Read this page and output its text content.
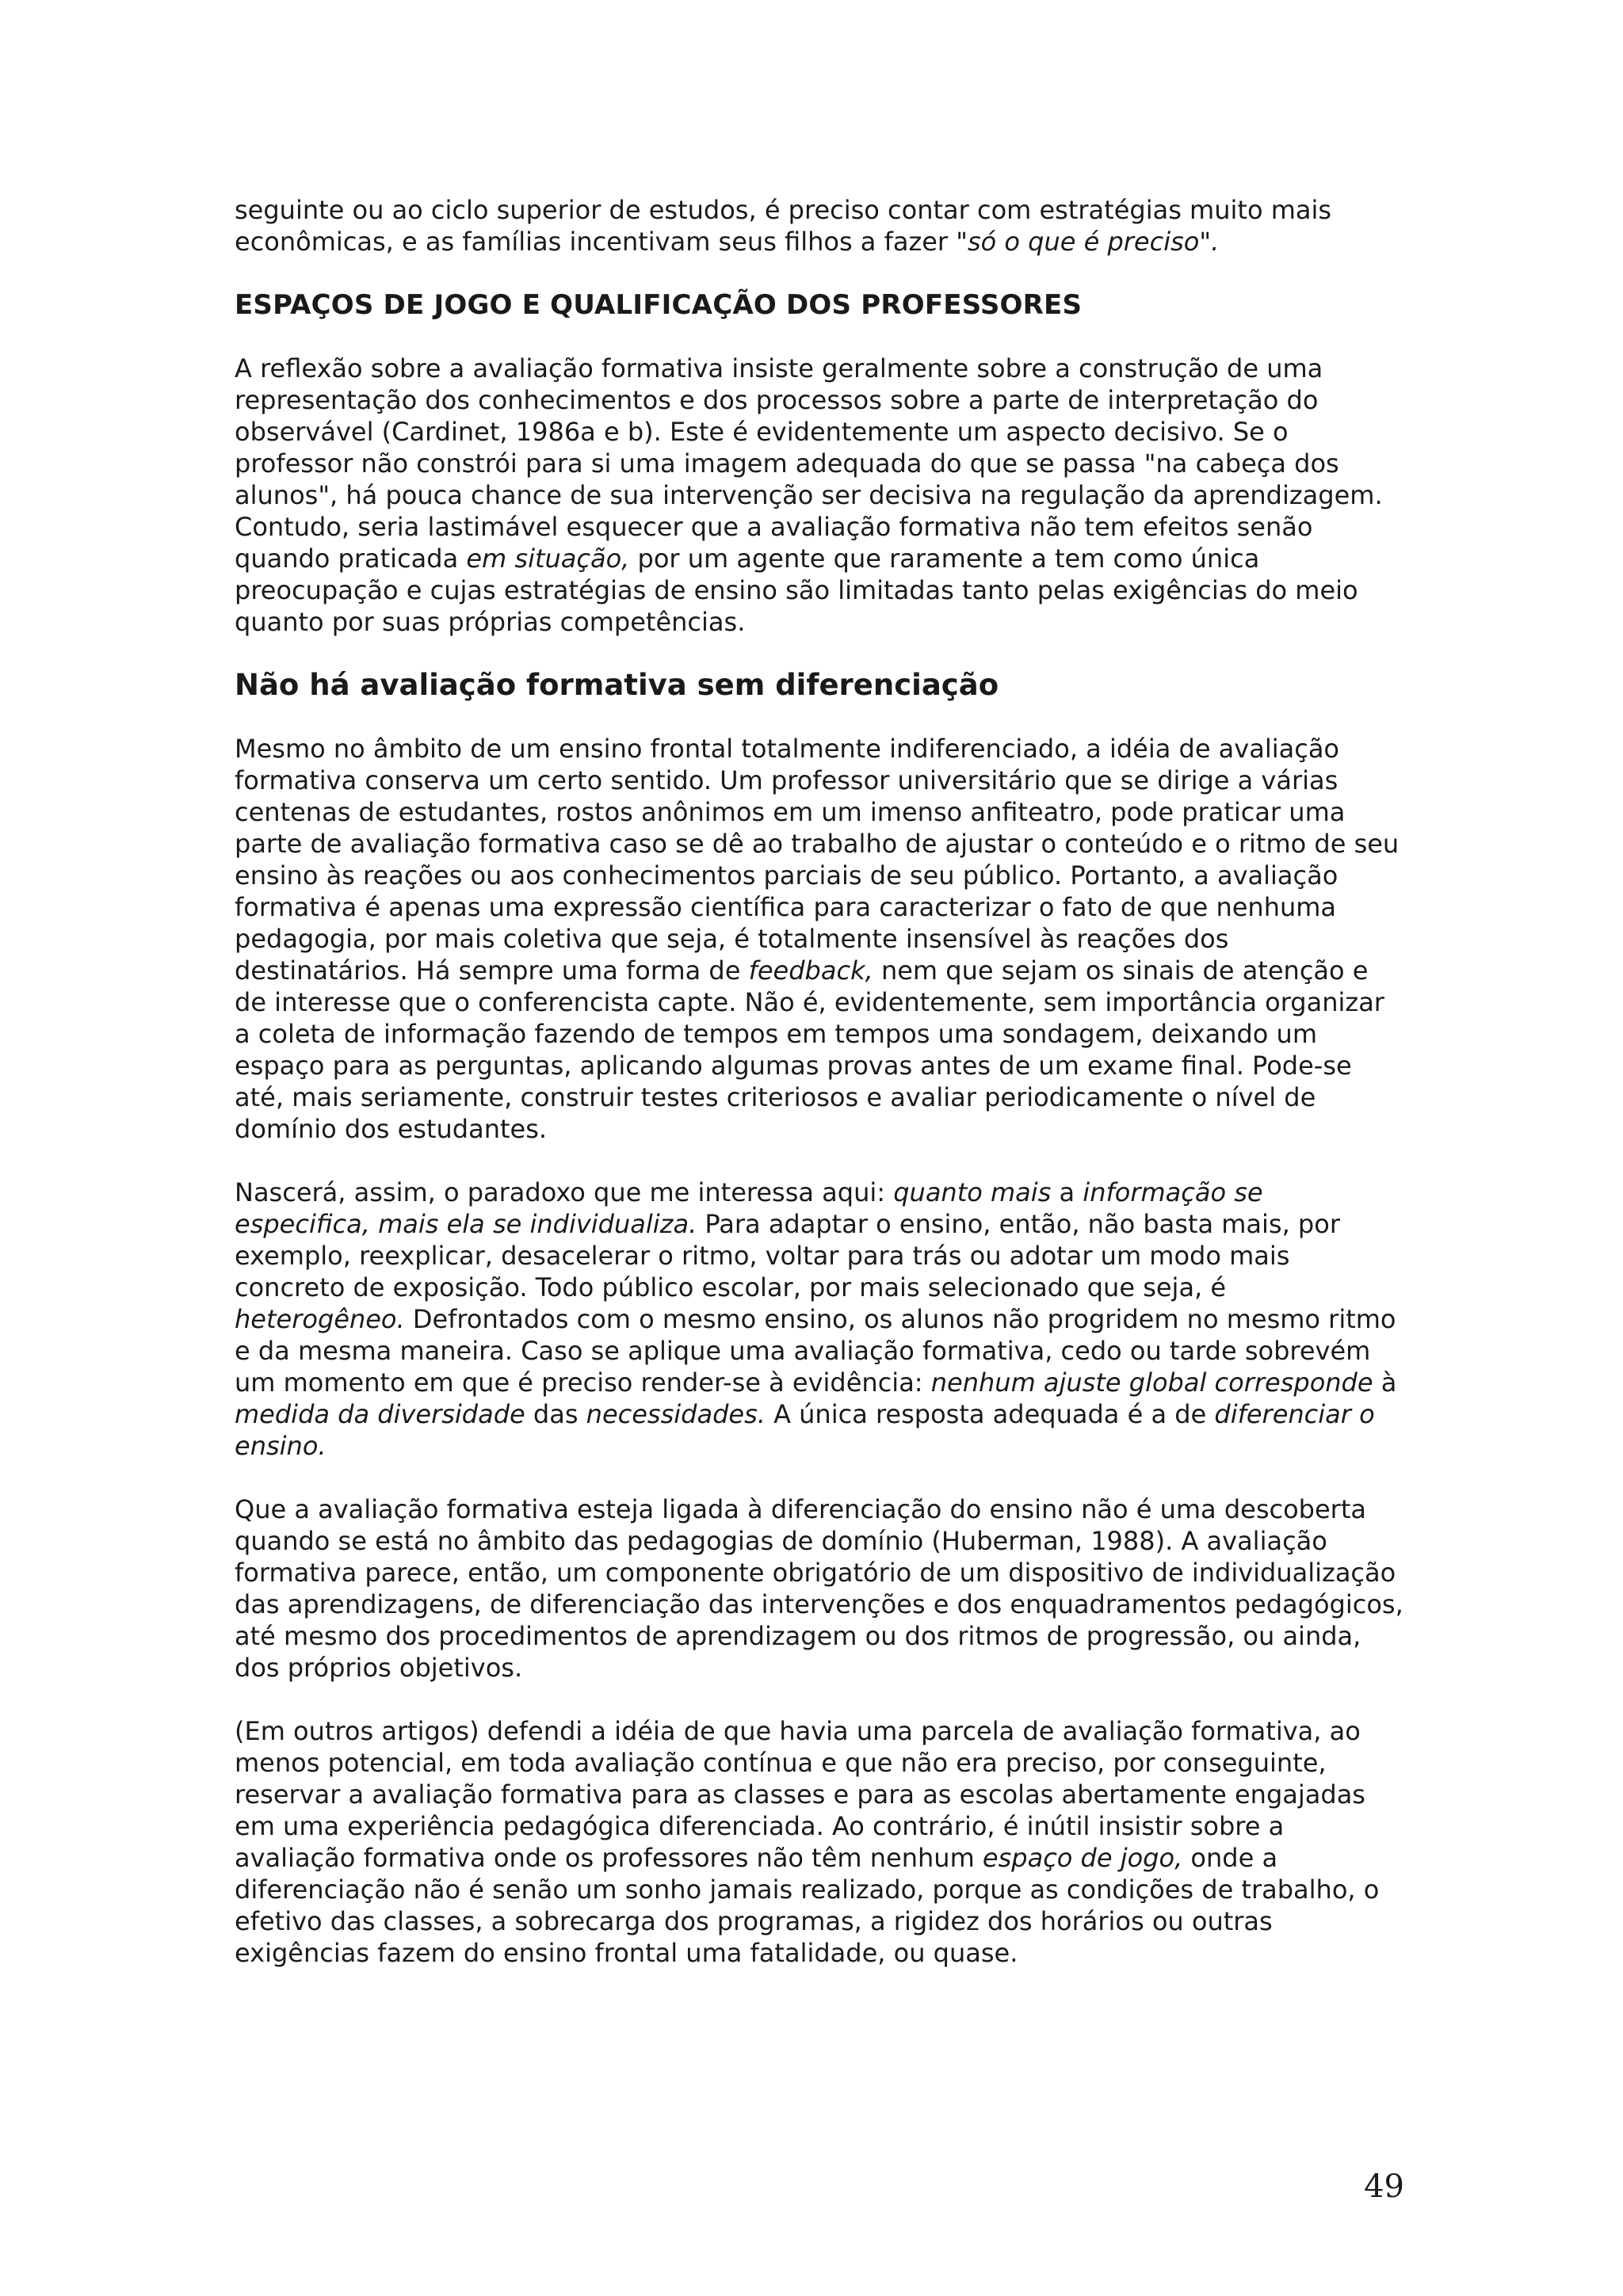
seguinte ou ao ciclo superior de estudos, é preciso contar com estratégias muito mais econômicas, e as famílias incentivam seus filhos a fazer "só o que é preciso".

ESPAÇOS DE JOGO E QUALIFICAÇÃO DOS PROFESSORES

A reflexão sobre a avaliação formativa insiste geralmente sobre a construção de uma representação dos conhecimentos e dos processos sobre a parte de interpretação do observável (Cardinet, 1986a e b). Este é evidentemente um aspecto decisivo. Se o professor não constrói para si uma imagem adequada do que se passa "na cabeça dos alunos", há pouca chance de sua intervenção ser decisiva na regulação da aprendizagem. Contudo, seria lastimável esquecer que a avaliação formativa não tem efeitos senão quando praticada em situação, por um agente que raramente a tem como única preocupação e cujas estratégias de ensino são limitadas tanto pelas exigências do meio quanto por suas próprias competências.

Não há avaliação formativa sem diferenciação

Mesmo no âmbito de um ensino frontal totalmente indiferenciado, a idéia de avaliação formativa conserva um certo sentido. Um professor universitário que se dirige a várias centenas de estudantes, rostos anônimos em um imenso anfiteatro, pode praticar uma parte de avaliação formativa caso se dê ao trabalho de ajustar o conteúdo e o ritmo de seu ensino às reações ou aos conhecimentos parciais de seu público. Portanto, a avaliação formativa é apenas uma expressão científica para caracterizar o fato de que nenhuma pedagogia, por mais coletiva que seja, é totalmente insensível às reações dos destinatários. Há sempre uma forma de feedback, nem que sejam os sinais de atenção e de interesse que o conferencista capte. Não é, evidentemente, sem importância organizar a coleta de informação fazendo de tempos em tempos uma sondagem, deixando um espaço para as perguntas, aplicando algumas provas antes de um exame final. Pode-se até, mais seriamente, construir testes criteriosos e avaliar periodicamente o nível de domínio dos estudantes.

Nascerá, assim, o paradoxo que me interessa aqui: quanto mais a informação se especifica, mais ela se individualiza. Para adaptar o ensino, então, não basta mais, por exemplo, reexplicar, desacelerar o ritmo, voltar para trás ou adotar um modo mais concreto de exposição. Todo público escolar, por mais selecionado que seja, é heterogêneo. Defrontados com o mesmo ensino, os alunos não progridem no mesmo ritmo e da mesma maneira. Caso se aplique uma avaliação formativa, cedo ou tarde sobrevém um momento em que é preciso render-se à evidência: nenhum ajuste global corresponde à medida da diversidade das necessidades. A única resposta adequada é a de diferenciar o ensino.

Que a avaliação formativa esteja ligada à diferenciação do ensino não é uma descoberta quando se está no âmbito das pedagogias de domínio (Huberman, 1988). A avaliação formativa parece, então, um componente obrigatório de um dispositivo de individualização das aprendizagens, de diferenciação das intervenções e dos enquadramentos pedagógicos, até mesmo dos procedimentos de aprendizagem ou dos ritmos de progressão, ou ainda, dos próprios objetivos.

(Em outros artigos) defendi a idéia de que havia uma parcela de avaliação formativa, ao menos potencial, em toda avaliação contínua e que não era preciso, por conseguinte, reservar a avaliação formativa para as classes e para as escolas abertamente engajadas em uma experiência pedagógica diferenciada. Ao contrário, é inútil insistir sobre a avaliação formativa onde os professores não têm nenhum espaço de jogo, onde a diferenciação não é senão um sonho jamais realizado, porque as condições de trabalho, o efetivo das classes, a sobrecarga dos programas, a rigidez dos horários ou outras exigências fazem do ensino frontal uma fatalidade, ou quase.

49
